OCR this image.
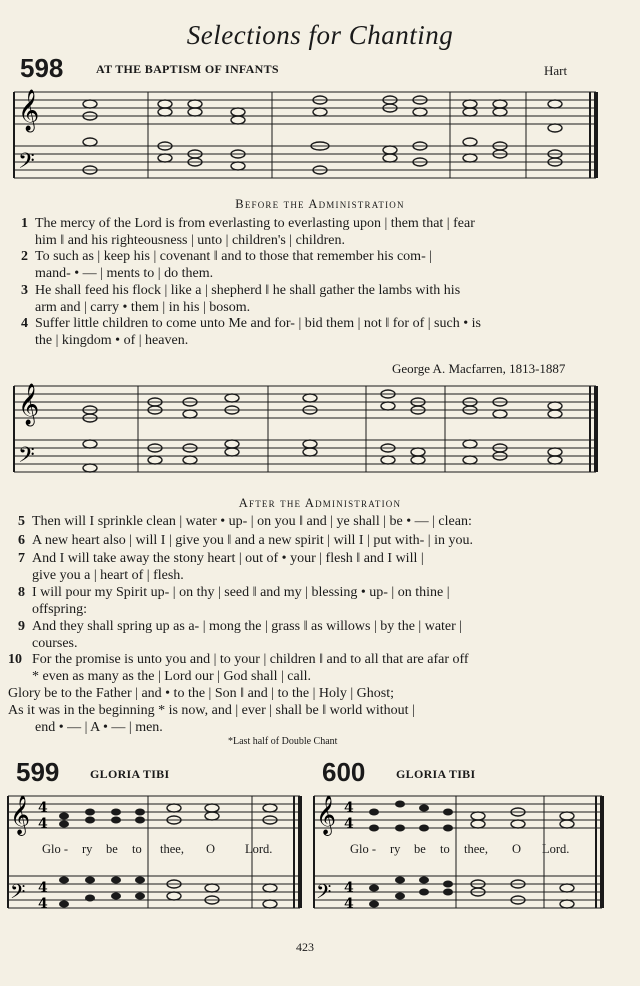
Selections for Chanting
598	AT THE BAPTISM OF INFANTS	Hart
𝄞
𝄢
Before the Administration
1 The mercy of the Lord is from everlasting to everlasting upon | them that | fear
him ‖ and his righteousness | unto | children's | children.
2 To such as | keep his | covenant ‖ and to those that remember his com- |
mand- • — | ments to | do them.
3 He shall feed his flock | like a | shepherd ‖ he shall gather the lambs with his
arm and | carry • them | in his | bosom.
4 Suffer little children to come unto Me and for- | bid them | not ‖ for of | such • is
the | kingdom • of | heaven.
George A. Macfarren, 1813-1887
𝄞
𝄢
After the Administration
5 Then will I sprinkle clean | water • up- | on you ‖ and | ye shall | be • — | clean:
6 A new heart also | will I | give you ‖ and a new spirit | will I | put with- | in you.
7 And I will take away the stony heart | out of • your | flesh ‖ and I will |
give you a | heart of | flesh.
8 I will pour my Spirit up- | on thy | seed ‖ and my | blessing • up- | on thine |
offspring:
9 And they shall spring up as a- | mong the | grass ‖ as willows | by the | water |
courses.
10 For the promise is unto you and | to your | children ‖ and to all that are afar off
* even as many as the | Lord our | God shall | call.
Glory be to the Father | and • to the | Son ‖ and | to the | Holy | Ghost;
As it was in the beginning * is now, and | ever | shall be ‖ world without |
end • — | A • — | men.
*Last half of Double Chant
599	GLORIA TIBI
𝄞
𝄢
4
4
4
4
Glo - ry be to thee, O Lord.
600	GLORIA TIBI
𝄞
𝄢
4
4
4
4
Glo - ry be to thee, O Lord.
423
